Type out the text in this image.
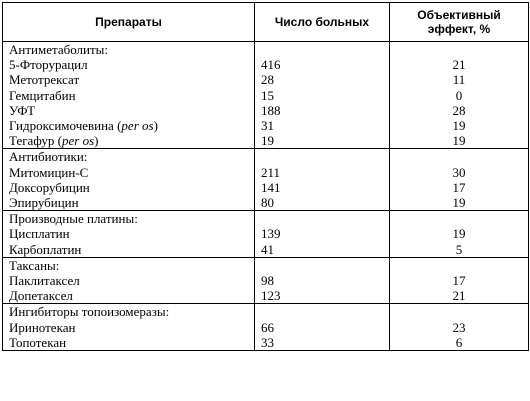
Препараты	Число больных	Объективный эффект, %
Антиметаболиты:		
5-Фторурацил	416	21
Метотрексат	28	11
Гемцитабин	15	0
УФТ	188	28
Гидроксимочевина (per os)	31	19
Тегафур (per os)	19	19
Антибиотики:		
Митомицин-С	211	30
Доксорубицин	141	17
Эпирубицин	80	19
Производные платины:		
Цисплатин	139	19
Карбоплатин	41	5
Таксаны:		
Паклитаксел	98	17
Допетаксел	123	21
Ингибиторы топоизомеразы:		
Иринотекан	66	23
Топотекан	33	6
